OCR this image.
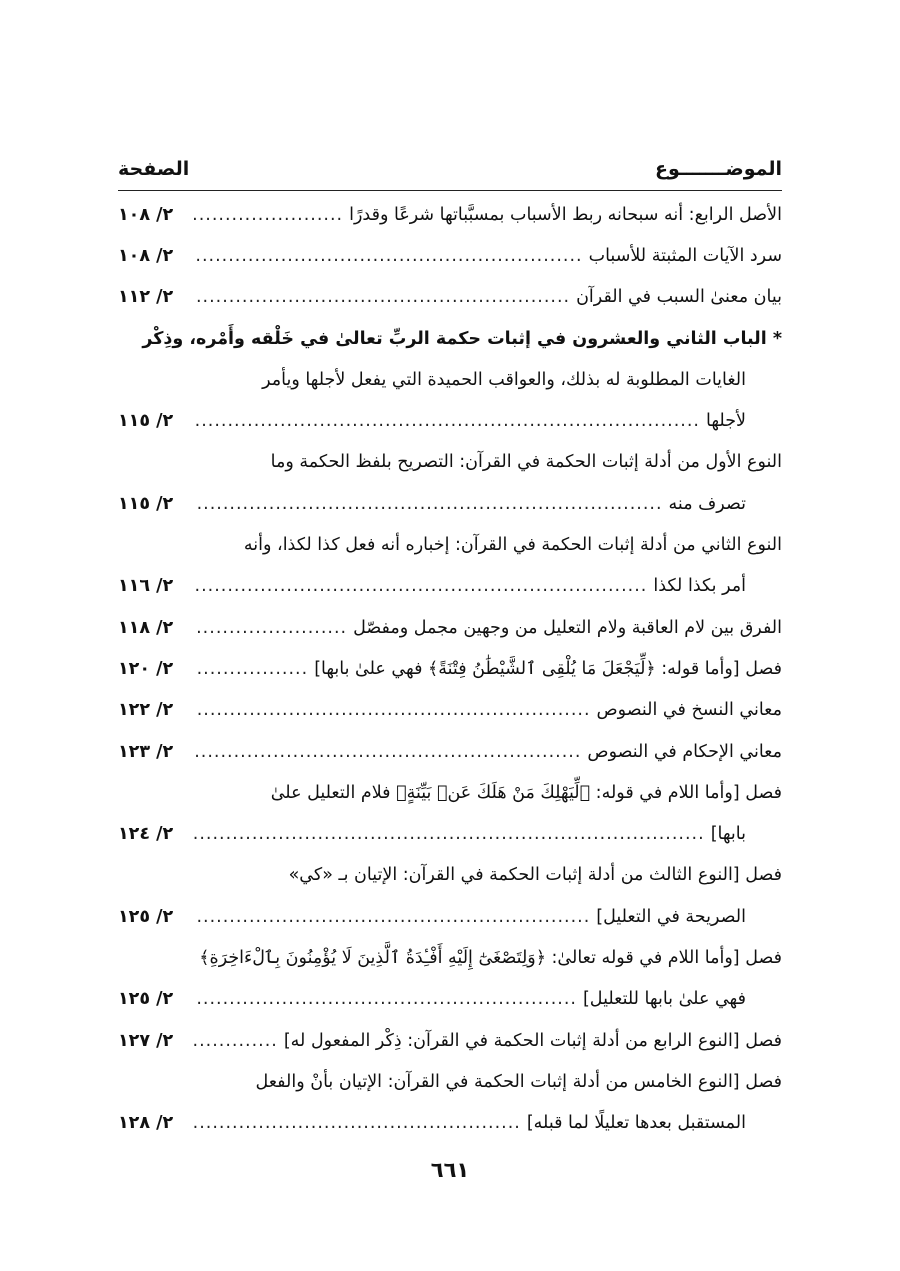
الموضـــــــوع
الصفحة
الأصل الرابع: أنه سبحانه ربط الأسباب بمسبَّباتها شرعًا وقدرًا
.....
٢/ ١٠٨
سرد الآيات المثبتة للأسباب
.....
٢/ ١٠٨
بيان معنىٰ السبب في القرآن
.....
٢/ ١١٢
* الباب الثاني والعشرون في إثبات حكمة الربِّ تعالىٰ في خَلْقه وأَمْره، وذِكْر
الغايات المطلوبة له بذلك، والعواقب الحميدة التي يفعل لأجلها ويأمر
لأجلها
.....
٢/ ١١٥
النوع الأول من أدلة إثبات الحكمة في القرآن: التصريح بلفظ الحكمة وما
تصرف منه
.....
٢/ ١١٥
النوع الثاني من أدلة إثبات الحكمة في القرآن: إخباره أنه فعل كذا لكذا، وأنه
أمر بكذا لكذا
.....
٢/ ١١٦
الفرق بين لام العاقبة ولام التعليل من وجهين مجمل ومفصّل
.....
٢/ ١١٨
فصل [وأما قوله: ﴿لِّيَجْعَلَ مَا يُلْقِى ٱلشَّيْطَٰنُ فِتْنَةً﴾ فهي علىٰ بابها]
.....
٢/ ١٢٠
معاني النسخ في النصوص
.....
٢/ ١٢٢
معاني الإحكام في النصوص
.....
٢/ ١٢٣
فصل [وأما اللام في قوله: ﴿لِّيَهْلِكَ مَنْ هَلَكَ عَنۢ بَيِّنَةٍ﴾ فلام التعليل علىٰ
بابها]
.....
٢/ ١٢٤
فصل [النوع الثالث من أدلة إثبات الحكمة في القرآن: الإتيان بـ «كي»
الصريحة في التعليل]
.....
٢/ ١٢٥
فصل [وأما اللام في قوله تعالىٰ: ﴿وَلِتَصْغَىٰٓ إِلَيْهِ أَفْـِٔدَةُ ٱلَّذِينَ لَا يُؤْمِنُونَ بِٱلْءَاخِرَةِ﴾
فهي علىٰ بابها للتعليل]
.....
٢/ ١٢٥
فصل [النوع الرابع من أدلة إثبات الحكمة في القرآن: ذِكْر المفعول له]
.....
٢/ ١٢٧
فصل [النوع الخامس من أدلة إثبات الحكمة في القرآن: الإتيان بأنْ والفعل
المستقبل بعدها تعليلًا لما قبله]
.....
٢/ ١٢٨
٦٦١
